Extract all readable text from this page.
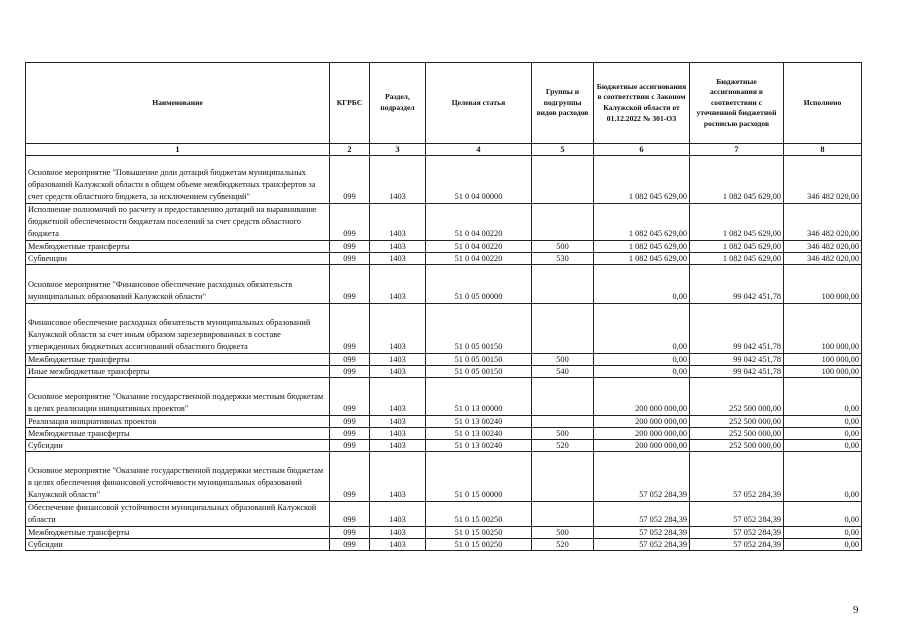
Наименование	КГРБС	Раздел, подраздел	Целевая статья	Группы и подгруппы видов расходов	Бюджетные ассигнования в соответствии с Законом Калужской области от 01.12.2022 № 301-ОЗ	Бюджетные ассигнования в соответствии с уточненной бюджетной росписью расходов	Исполнено
1	2	3	4	5	6	7	8
Основное мероприятие "Повышение доли дотаций бюджетам муниципальных образований Калужской области в общем объеме межбюджетных трансфертов за счет средств областного бюджета, за исключением субвенций"	099	1403	51 0 04 00000		1 082 045 629,00	1 082 045 629,00	346 482 020,00
Исполнение полномочий по расчету и предоставлению дотаций на выравнивание бюджетной обеспеченности бюджетам поселений за счет средств областного бюджета	099	1403	51 0 04 00220		1 082 045 629,00	1 082 045 629,00	346 482 020,00
Межбюджетные трансферты	099	1403	51 0 04 00220	500	1 082 045 629,00	1 082 045 629,00	346 482 020,00
Субвенции	099	1403	51 0 04 00220	530	1 082 045 629,00	1 082 045 629,00	346 482 020,00
Основное мероприятие "Финансовое обеспечение расходных обязательств муниципальных образований Калужской области"	099	1403	51 0 05 00000		0,00	99 042 451,78	100 000,00
Финансовое обеспечение расходных обязательств муниципальных образований Калужской области за счет иным образом зарезервированных в составе утвержденных бюджетных ассигнований областного бюджета	099	1403	51 0 05 00150		0,00	99 042 451,78	100 000,00
Межбюджетные трансферты	099	1403	51 0 05 00150	500	0,00	99 042 451,78	100 000,00
Иные межбюджетные трансферты	099	1403	51 0 05 00150	540	0,00	99 042 451,78	100 000,00
Основное мероприятие "Оказание государственной поддержки местным бюджетам в целях реализации инициативных проектов"	099	1403	51 0 13 00000		200 000 000,00	252 500 000,00	0,00
Реализация инициативных проектов	099	1403	51 0 13 00240		200 000 000,00	252 500 000,00	0,00
Межбюджетные трансферты	099	1403	51 0 13 00240	500	200 000 000,00	252 500 000,00	0,00
Субсидии	099	1403	51 0 13 00240	520	200 000 000,00	252 500 000,00	0,00
Основное мероприятие "Оказание государственной поддержки местным бюджетам в целях обеспечения финансовой устойчивости муниципальных образований Калужской области"	099	1403	51 0 15 00000		57 052 284,39	57 052 284,39	0,00
Обеспечение финансовой устойчивости муниципальных образований Калужской области	099	1403	51 0 15 00250		57 052 284,39	57 052 284,39	0,00
Межбюджетные трансферты	099	1403	51 0 15 00250	500	57 052 284,39	57 052 284,39	0,00
Субсидии	099	1403	51 0 15 00250	520	57 052 284,39	57 052 284,39	0,00
9
